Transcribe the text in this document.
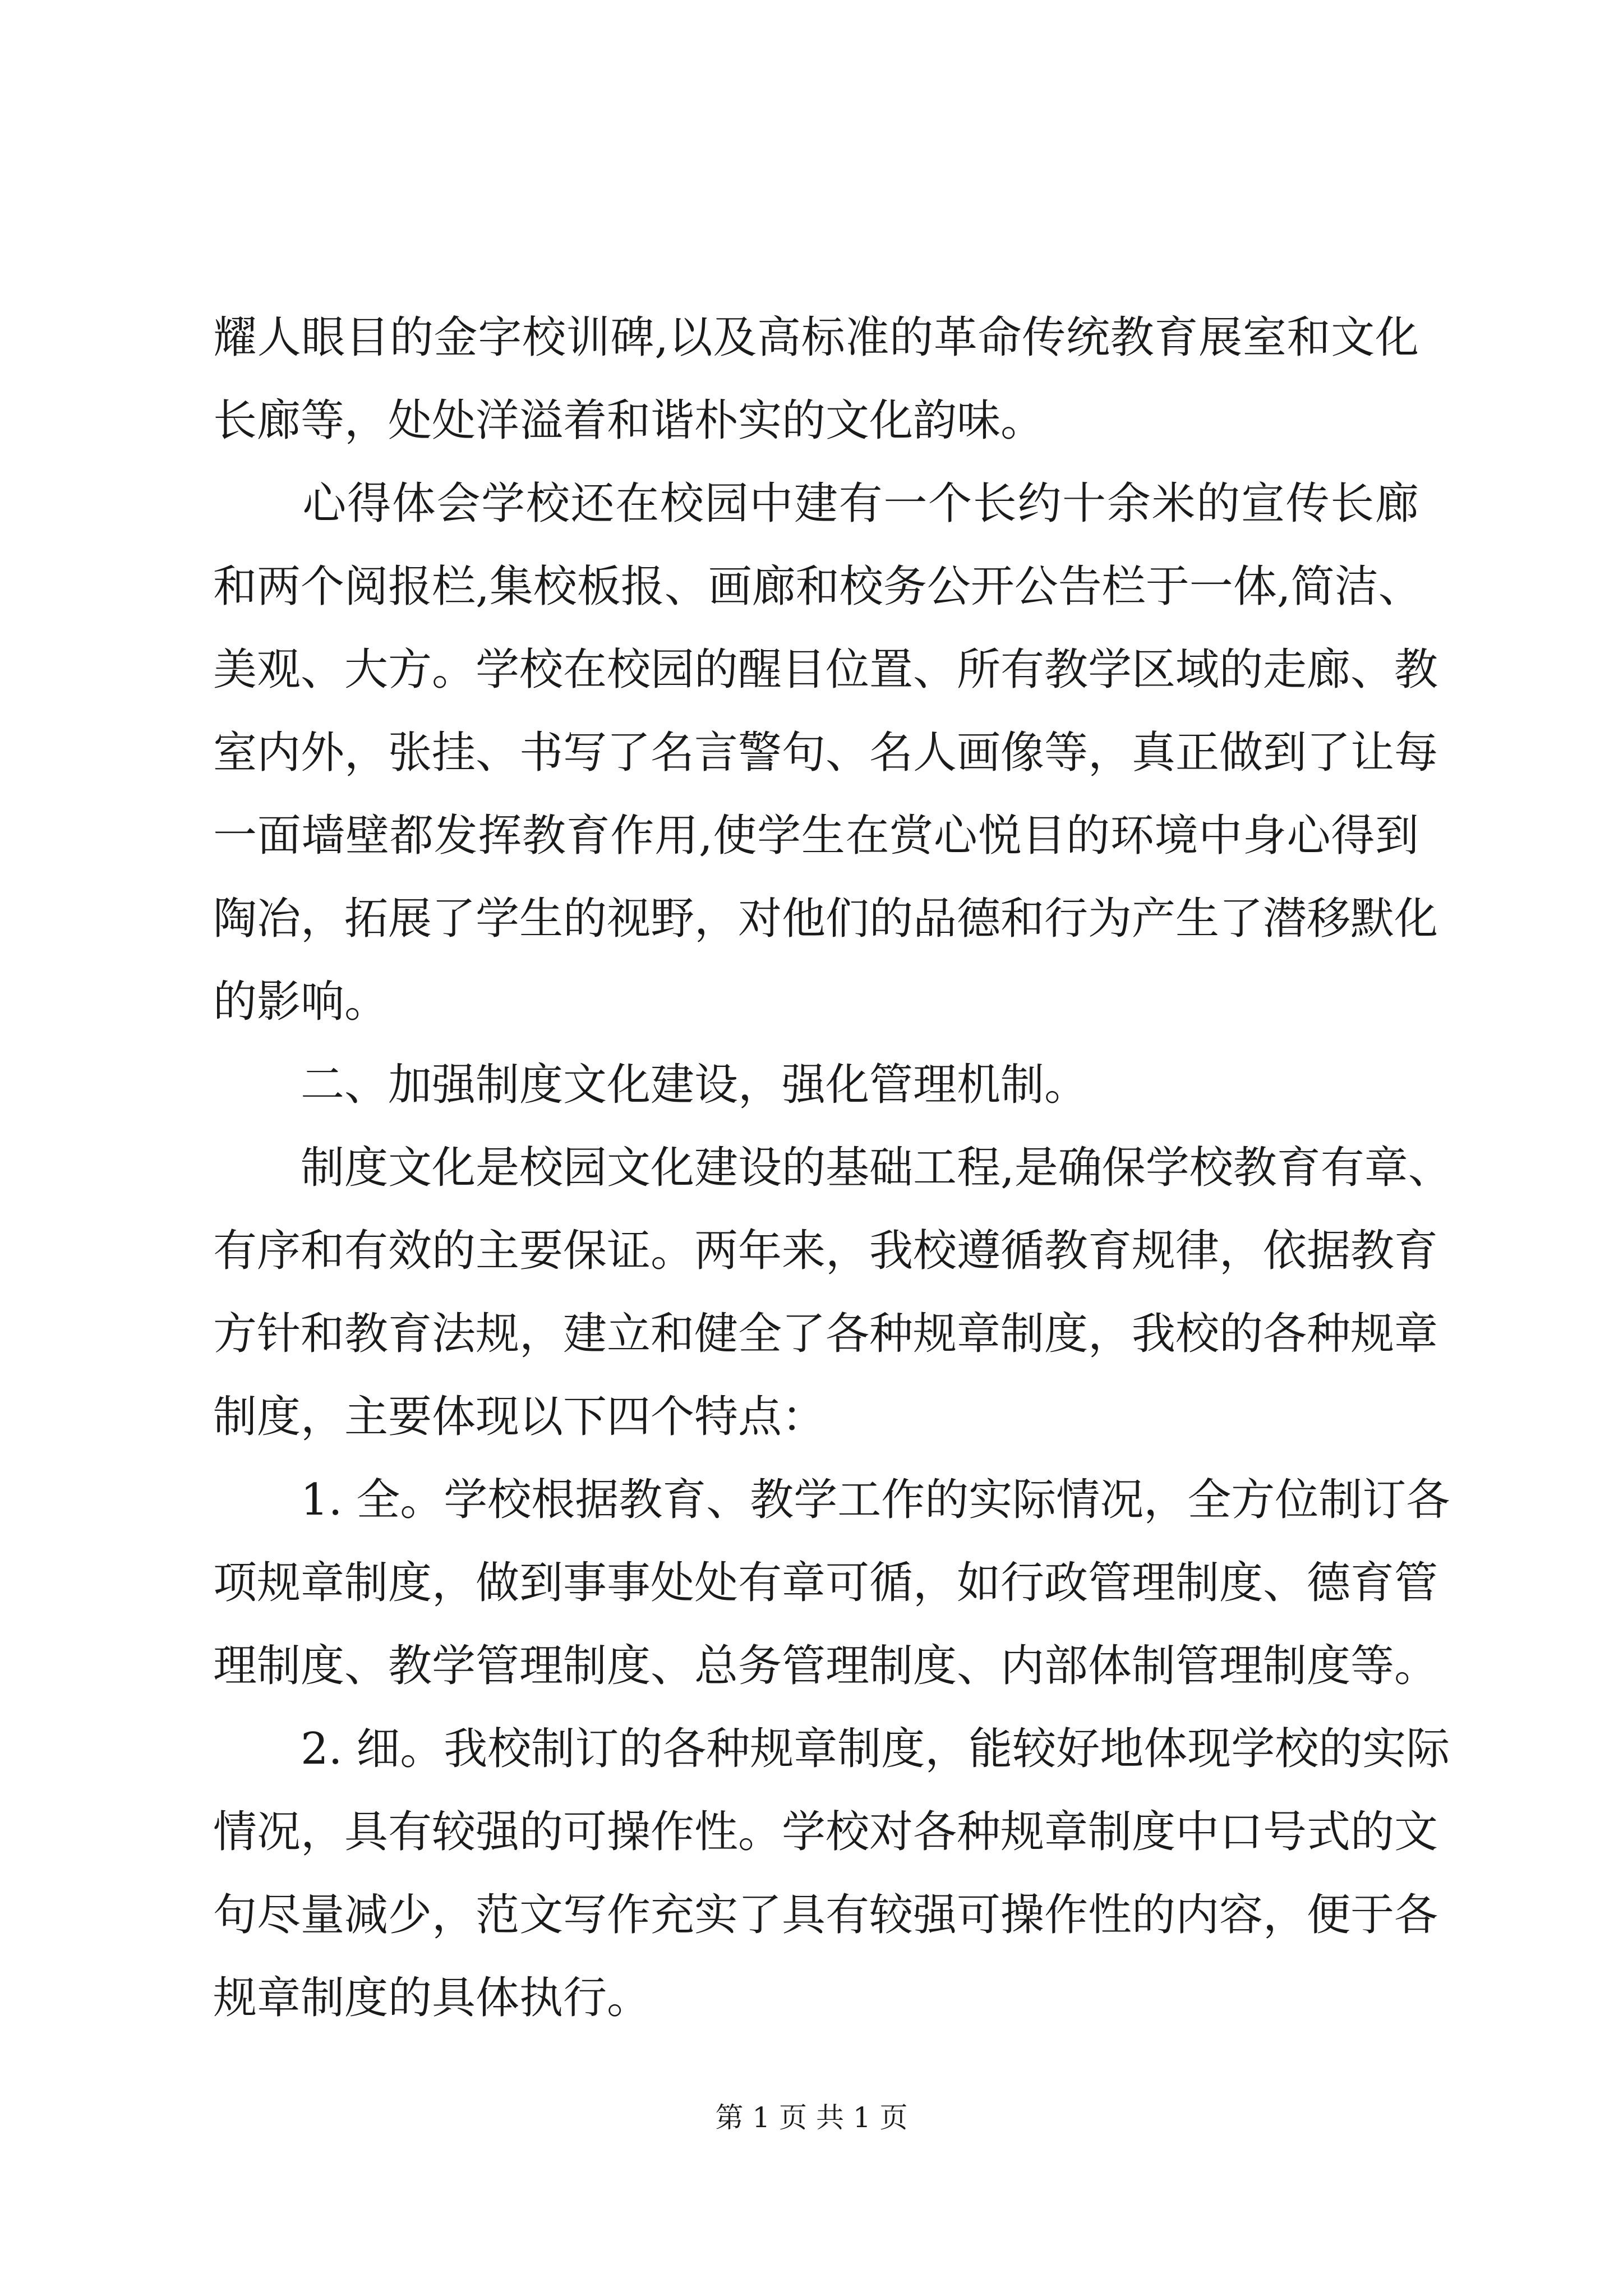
耀人眼目的金字校训碑,以及高标准的革命传统教育展室和文化
长廊等，处处洋溢着和谐朴实的文化韵味。
　　心得体会学校还在校园中建有一个长约十余米的宣传长廊
和两个阅报栏,集校板报、画廊和校务公开公告栏于一体,简洁、
美观、大方。学校在校园的醒目位置、所有教学区域的走廊、教
室内外，张挂、书写了名言警句、名人画像等，真正做到了让每
一面墙壁都发挥教育作用,使学生在赏心悦目的环境中身心得到
陶冶，拓展了学生的视野，对他们的品德和行为产生了潜移默化
的影响。
　　二、加强制度文化建设，强化管理机制。
　　制度文化是校园文化建设的基础工程,是确保学校教育有章、
有序和有效的主要保证。两年来，我校遵循教育规律，依据教育
方针和教育法规，建立和健全了各种规章制度，我校的各种规章
制度，主要体现以下四个特点：
　　1. 全。学校根据教育、教学工作的实际情况，全方位制订各
项规章制度，做到事事处处有章可循，如行政管理制度、德育管
理制度、教学管理制度、总务管理制度、内部体制管理制度等。
　　2. 细。我校制订的各种规章制度，能较好地体现学校的实际
情况，具有较强的可操作性。学校对各种规章制度中口号式的文
句尽量减少，范文写作充实了具有较强可操作性的内容，便于各
规章制度的具体执行。
第 1 页 共 1 页
